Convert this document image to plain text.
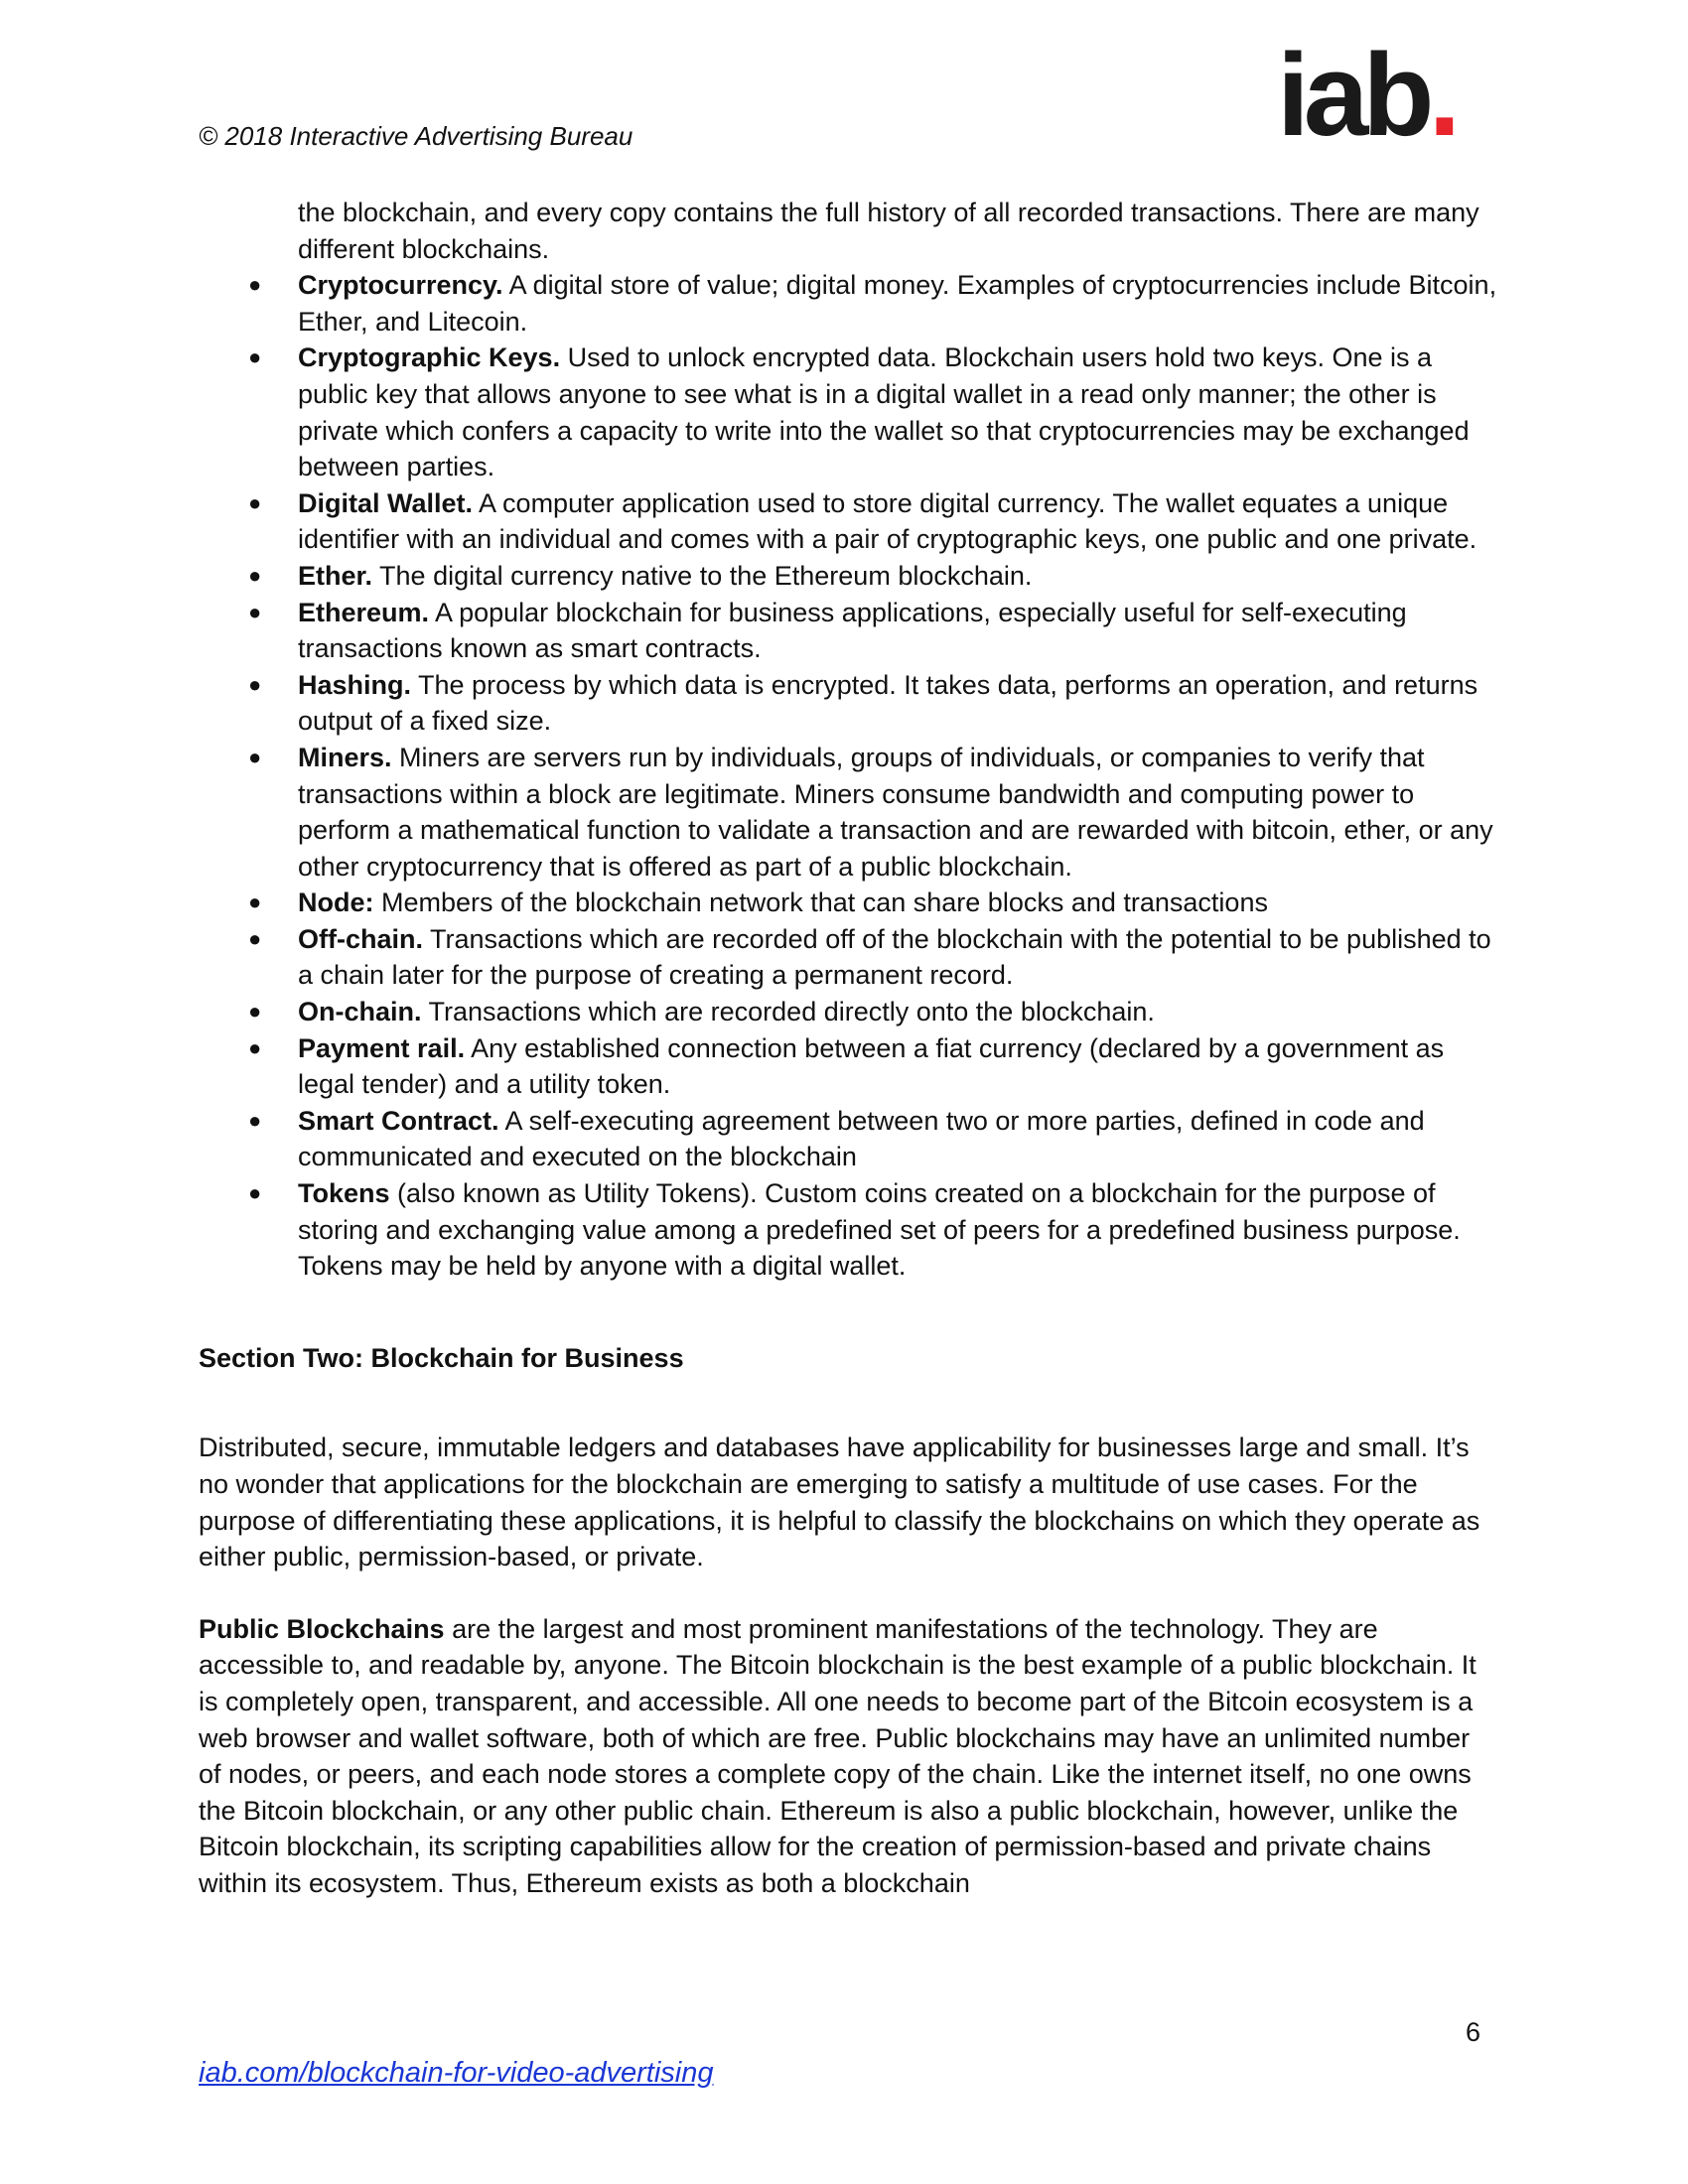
© 2018 Interactive Advertising Bureau	iab.

the blockchain, and every copy contains the full history of all recorded transactions. There are many different blockchains.

● Cryptocurrency. A digital store of value; digital money. Examples of cryptocurrencies include Bitcoin, Ether, and Litecoin.
● Cryptographic Keys. Used to unlock encrypted data. Blockchain users hold two keys. One is a public key that allows anyone to see what is in a digital wallet in a read only manner; the other is private which confers a capacity to write into the wallet so that cryptocurrencies may be exchanged between parties.
● Digital Wallet. A computer application used to store digital currency. The wallet equates a unique identifier with an individual and comes with a pair of cryptographic keys, one public and one private.
● Ether. The digital currency native to the Ethereum blockchain.
● Ethereum. A popular blockchain for business applications, especially useful for self-executing transactions known as smart contracts.
● Hashing. The process by which data is encrypted. It takes data, performs an operation, and returns output of a fixed size.
● Miners. Miners are servers run by individuals, groups of individuals, or companies to verify that transactions within a block are legitimate. Miners consume bandwidth and computing power to perform a mathematical function to validate a transaction and are rewarded with bitcoin, ether, or any other cryptocurrency that is offered as part of a public blockchain.
● Node: Members of the blockchain network that can share blocks and transactions
● Off-chain. Transactions which are recorded off of the blockchain with the potential to be published to a chain later for the purpose of creating a permanent record.
● On-chain. Transactions which are recorded directly onto the blockchain.
● Payment rail. Any established connection between a fiat currency (declared by a government as legal tender) and a utility token.
● Smart Contract. A self-executing agreement between two or more parties, defined in code and communicated and executed on the blockchain
● Tokens (also known as Utility Tokens). Custom coins created on a blockchain for the purpose of storing and exchanging value among a predefined set of peers for a predefined business purpose. Tokens may be held by anyone with a digital wallet.

Section Two: Blockchain for Business

Distributed, secure, immutable ledgers and databases have applicability for businesses large and small. It’s no wonder that applications for the blockchain are emerging to satisfy a multitude of use cases. For the purpose of differentiating these applications, it is helpful to classify the blockchains on which they operate as either public, permission-based, or private.

Public Blockchains are the largest and most prominent manifestations of the technology. They are accessible to, and readable by, anyone. The Bitcoin blockchain is the best example of a public blockchain. It is completely open, transparent, and accessible. All one needs to become part of the Bitcoin ecosystem is a web browser and wallet software, both of which are free. Public blockchains may have an unlimited number of nodes, or peers, and each node stores a complete copy of the chain. Like the internet itself, no one owns the Bitcoin blockchain, or any other public chain. Ethereum is also a public blockchain, however, unlike the Bitcoin blockchain, its scripting capabilities allow for the creation of permission-based and private chains within its ecosystem. Thus, Ethereum exists as both a blockchain

6
iab.com/blockchain-for-video-advertising
